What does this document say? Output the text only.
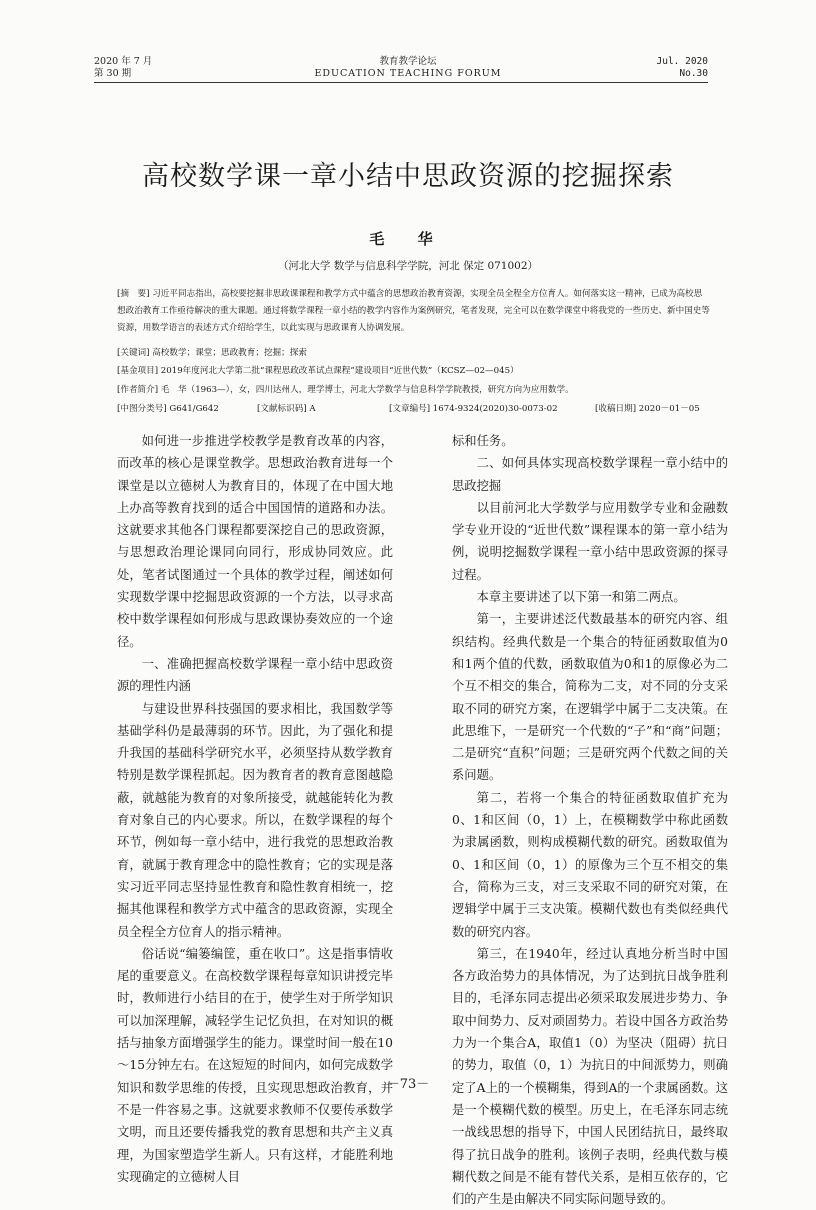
2020 年 7 月
第 30 期
教育教学论坛
EDUCATION TEACHING FORUM
Jul. 2020
No.30
高校数学课一章小结中思政资源的挖掘探索
毛 华
（河北大学 数学与信息科学学院，河北 保定 071002）
[摘　要] 习近平同志指出，高校要挖掘非思政课课程和教学方式中蕴含的思想政治教育资源，实现全员全程全方位育人。如何落实这一精神，已成为高校思想政治教育工作亟待解决的重大课题。通过将数学课程一章小结的教学内容作为案例研究，笔者发现，完全可以在数学课堂中将我党的一些历史、新中国史等资源，用数学语言的表述方式介绍给学生，以此实现与思政课育人协调发展。
[关键词] 高校数学；课堂；思政教育；挖掘；探索
[基金项目] 2019年度河北大学第二批“课程思政改革试点课程”建设项目“近世代数”（KCSZ—02—045）
[作者简介] 毛　华（1963—），女，四川达州人，理学博士，河北大学数学与信息科学学院教授，研究方向为应用数学。
[中图分类号] G641/G642	[文献标识码] A	[文章编号] 1674-9324(2020)30-0073-02	[收稿日期] 2020－01－05

如何进一步推进学校教学是教育改革的内容，而改革的核心是课堂教学。思想政治教育进每一个课堂是以立德树人为教育目的，体现了在中国大地上办高等教育找到的适合中国国情的道路和办法。这就要求其他各门课程都要深挖自己的思政资源，与思想政治理论课同向同行，形成协同效应。此处，笔者试图通过一个具体的教学过程，阐述如何实现数学课中挖掘思政资源的一个方法，以寻求高校中数学课程如何形成与思政课协奏效应的一个途径。

一、准确把握高校数学课程一章小结中思政资源的理性内涵

与建设世界科技强国的要求相比，我国数学等基础学科仍是最薄弱的环节。因此，为了强化和提升我国的基础科学研究水平，必须坚持从数学教育特别是数学课程抓起。因为教育者的教育意图越隐蔽，就越能为教育的对象所接受，就越能转化为教育对象自己的内心要求。所以，在数学课程的每个环节，例如每一章小结中，进行我党的思想政治教育，就属于教育理念中的隐性教育；它的实现是落实习近平同志坚持显性教育和隐性教育相统一，挖掘其他课程和教学方式中蕴含的思政资源，实现全员全程全方位育人的指示精神。

俗话说“编篓编筐，重在收口”。这是指事情收尾的重要意义。在高校数学课程每章知识讲授完毕时，教师进行小结目的在于，使学生对于所学知识可以加深理解，减轻学生记忆负担，在对知识的概括与抽象方面增强学生的能力。课堂时间一般在10～15分钟左右。在这短短的时间内，如何完成数学知识和数学思维的传授，且实现思想政治教育，并不是一件容易之事。这就要求教师不仅要传承数学文明，而且还要传播我党的教育思想和共产主义真理，为国家塑造学生新人。只有这样，才能胜利地实现确定的立德树人目

标和任务。

二、如何具体实现高校数学课程一章小结中的思政挖掘

以目前河北大学数学与应用数学专业和金融数学专业开设的“近世代数”课程课本的第一章小结为例，说明挖掘数学课程一章小结中思政资源的探寻过程。

本章主要讲述了以下第一和第二两点。

第一，主要讲述泛代数最基本的研究内容、组织结构。经典代数是一个集合的特征函数取值为0和1两个值的代数，函数取值为0和1的原像必为二个互不相交的集合，简称为二支，对不同的分支采取不同的研究方案，在逻辑学中属于二支决策。在此思维下，一是研究一个代数的“子”和“商”问题；二是研究“直积”问题；三是研究两个代数之间的关系问题。

第二，若将一个集合的特征函数取值扩充为0、1和区间（0，1）上，在模糊数学中称此函数为隶属函数，则构成模糊代数的研究。函数取值为0、1和区间（0，1）的原像为三个互不相交的集合，简称为三支，对三支采取不同的研究对策，在逻辑学中属于三支决策。模糊代数也有类似经典代数的研究内容。

第三，在1940年，经过认真地分析当时中国各方政治势力的具体情况，为了达到抗日战争胜利目的，毛泽东同志提出必须采取发展进步势力、争取中间势力、反对顽固势力。若设中国各方政治势力为一个集合A，取值1（0）为坚决（阻碍）抗日的势力，取值（0，1）为抗日的中间派势力，则确定了A上的一个模糊集，得到A的一个隶属函数。这是一个模糊代数的模型。历史上，在毛泽东同志统一战线思想的指导下，中国人民团结抗日，最终取得了抗日战争的胜利。该例子表明，经典代数与模糊代数之间是不能有替代关系，是相互依存的，它们的产生是由解决不同实际问题导致的。

－73－
